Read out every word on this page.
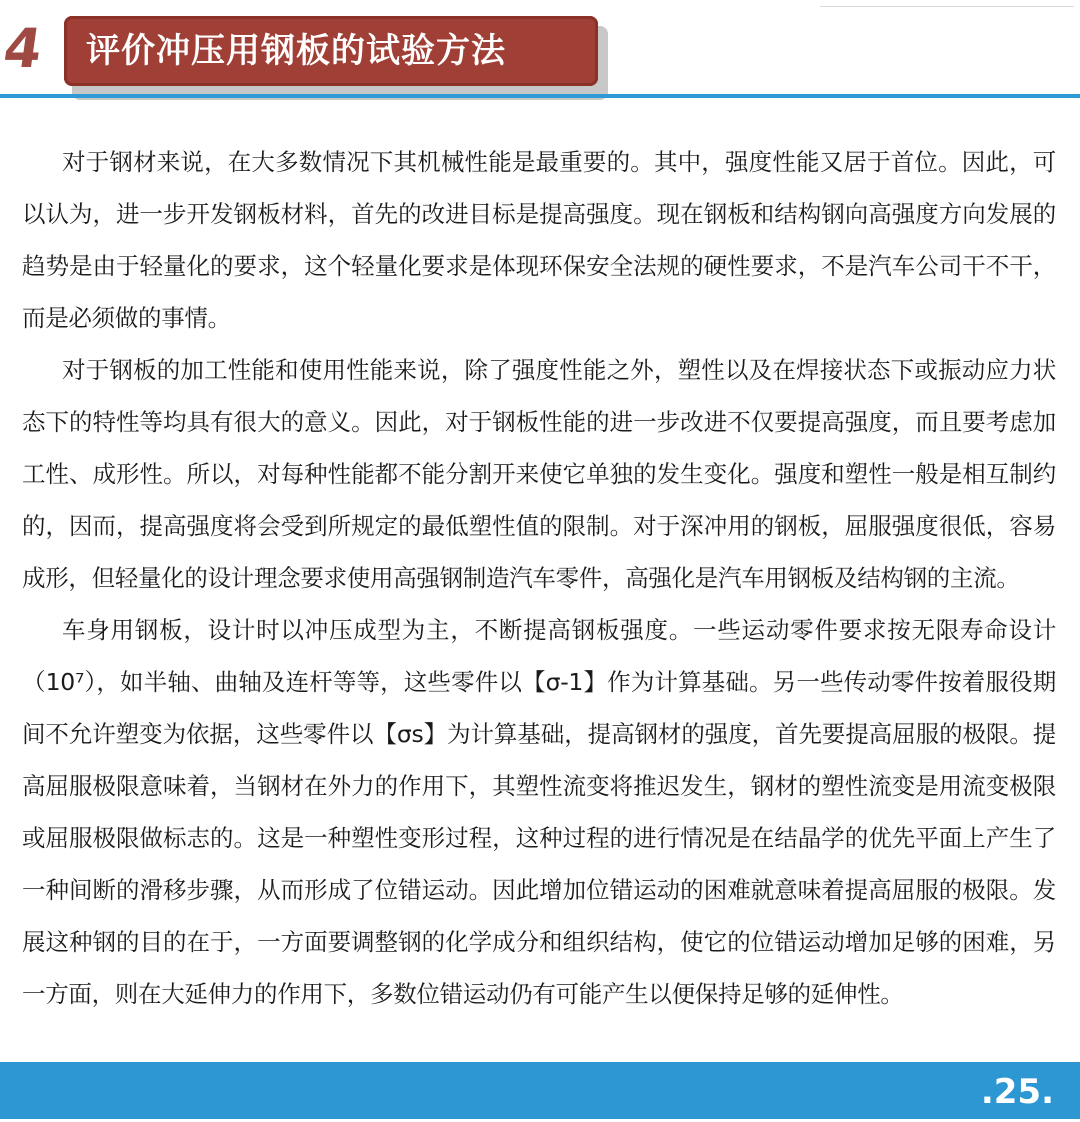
4 评价冲压用钢板的试验方法

对于钢材来说，在大多数情况下其机械性能是最重要的。其中，强度性能又居于首位。因此，可以认为，进一步开发钢板材料，首先的改进目标是提高强度。现在钢板和结构钢向高强度方向发展的趋势是由于轻量化的要求，这个轻量化要求是体现环保安全法规的硬性要求，不是汽车公司干不干，而是必须做的事情。

对于钢板的加工性能和使用性能来说，除了强度性能之外，塑性以及在焊接状态下或振动应力状态下的特性等均具有很大的意义。因此，对于钢板性能的进一步改进不仅要提高强度，而且要考虑加工性、成形性。所以，对每种性能都不能分割开来使它单独的发生变化。强度和塑性一般是相互制约的，因而，提高强度将会受到所规定的最低塑性值的限制。对于深冲用的钢板，屈服强度很低，容易成形，但轻量化的设计理念要求使用高强钢制造汽车零件，高强化是汽车用钢板及结构钢的主流。

车身用钢板，设计时以冲压成型为主，不断提高钢板强度。一些运动零件要求按无限寿命设计（10⁷），如半轴、曲轴及连杆等等，这些零件以【σ-1】作为计算基础。另一些传动零件按着服役期间不允许塑变为依据，这些零件以【σs】为计算基础，提高钢材的强度，首先要提高屈服的极限。提高屈服极限意味着，当钢材在外力的作用下，其塑性流变将推迟发生，钢材的塑性流变是用流变极限或屈服极限做标志的。这是一种塑性变形过程，这种过程的进行情况是在结晶学的优先平面上产生了一种间断的滑移步骤，从而形成了位错运动。因此增加位错运动的困难就意味着提高屈服的极限。发展这种钢的目的在于，一方面要调整钢的化学成分和组织结构，使它的位错运动增加足够的困难，另一方面，则在大延伸力的作用下，多数位错运动仍有可能产生以便保持足够的延伸性。

.25.
